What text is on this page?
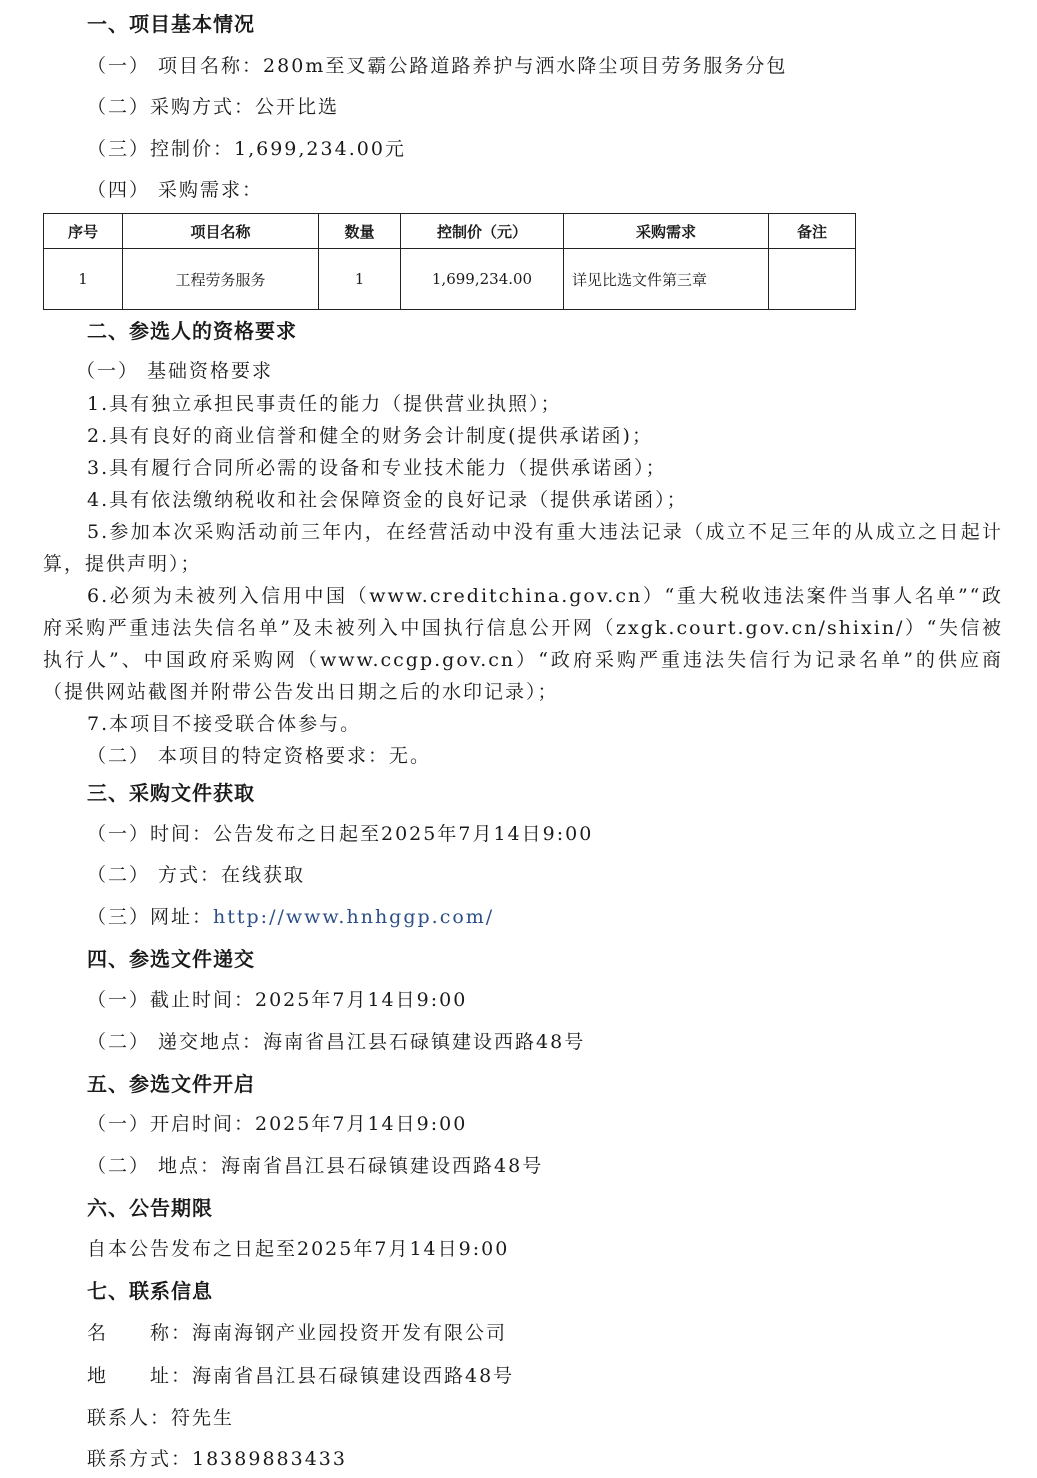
一、项目基本情况
（一） 项目名称：280m至叉霸公路道路养护与洒水降尘项目劳务服务分包
（二）采购方式：公开比选
（三）控制价：1,699,234.00元
（四） 采购需求：
序号	项目名称	数量	控制价（元）	采购需求	备注
1	工程劳务服务	1	1,699,234.00	详见比选文件第三章	
二、参选人的资格要求
（一） 基础资格要求
1.具有独立承担民事责任的能力（提供营业执照）；
2.具有良好的商业信誉和健全的财务会计制度(提供承诺函)；
3.具有履行合同所必需的设备和专业技术能力（提供承诺函）；
4.具有依法缴纳税收和社会保障资金的良好记录（提供承诺函）；
5.参加本次采购活动前三年内，在经营活动中没有重大违法记录（成立不足三年的从成立之日起计算，提供声明）；
6.必须为未被列入信用中国（www.creditchina.gov.cn）“重大税收违法案件当事人名单”“政府采购严重违法失信名单”及未被列入中国执行信息公开网（zxgk.court.gov.cn/shixin/）“失信被执行人”、中国政府采购网（www.ccgp.gov.cn）“政府采购严重违法失信行为记录名单”的供应商（提供网站截图并附带公告发出日期之后的水印记录）；
7.本项目不接受联合体参与。
（二） 本项目的特定资格要求：无。
三、采购文件获取
（一）时间：公告发布之日起至2025年7月14日9:00
（二） 方式：在线获取
（三）网址：http://www.hnhggp.com/
四、参选文件递交
（一）截止时间：2025年7月14日9:00
（二） 递交地点：海南省昌江县石碌镇建设西路48号
五、参选文件开启
（一）开启时间：2025年7月14日9:00
（二） 地点：海南省昌江县石碌镇建设西路48号
六、公告期限
自本公告发布之日起至2025年7月14日9:00
七、联系信息
名　　称：海南海钢产业园投资开发有限公司
地　　址：海南省昌江县石碌镇建设西路48号
联系人：符先生
联系方式：18389883433
